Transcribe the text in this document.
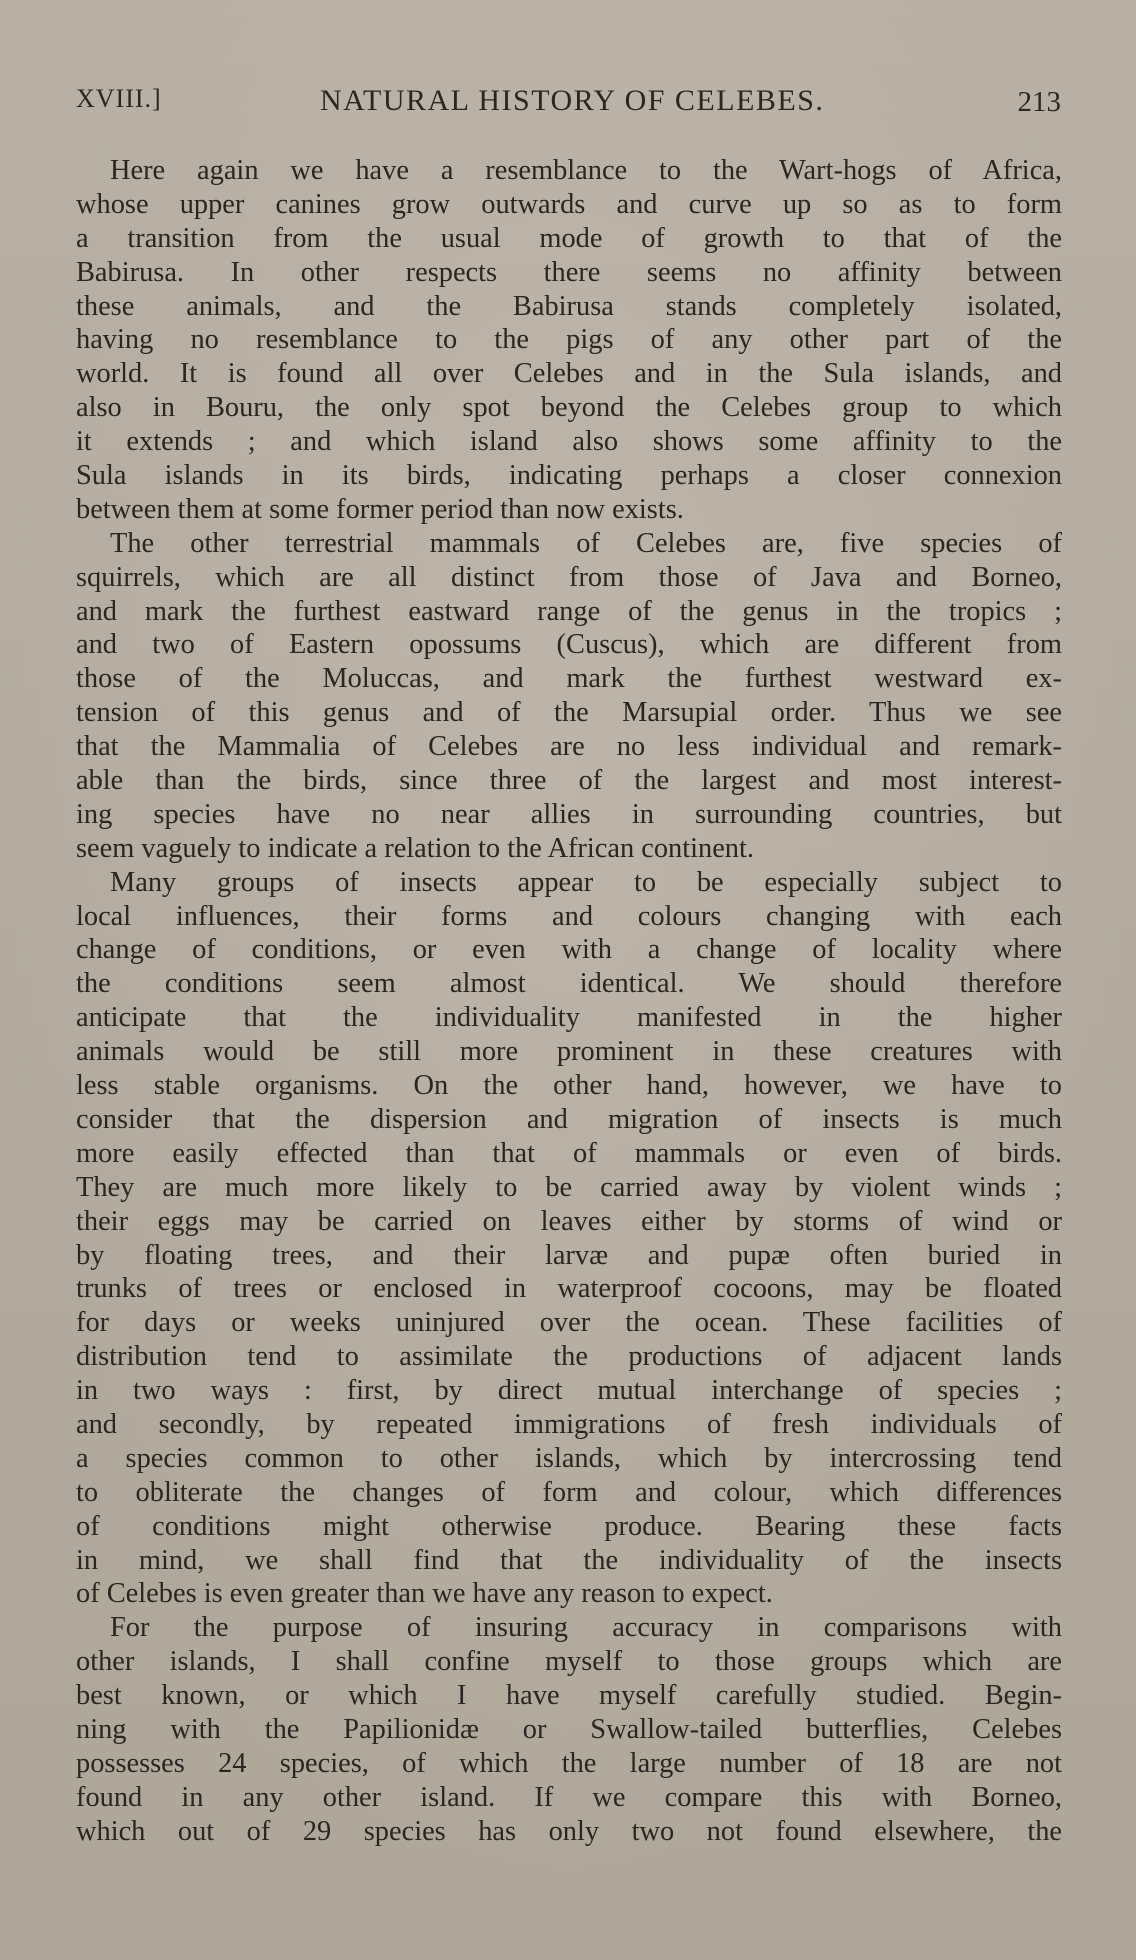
XVIII.]	NATURAL HISTORY OF CELEBES.	213
Here again we have a resemblance to the Wart-hogs of Africa,
whose upper canines grow outwards and curve up so as to form
a transition from the usual mode of growth to that of the
Babirusa. In other respects there seems no affinity between
these animals, and the Babirusa stands completely isolated,
having no resemblance to the pigs of any other part of the
world. It is found all over Celebes and in the Sula islands, and
also in Bouru, the only spot beyond the Celebes group to which
it extends ; and which island also shows some affinity to the
Sula islands in its birds, indicating perhaps a closer connexion
between them at some former period than now exists.
The other terrestrial mammals of Celebes are, five species of
squirrels, which are all distinct from those of Java and Borneo,
and mark the furthest eastward range of the genus in the tropics ;
and two of Eastern opossums (Cuscus), which are different from
those of the Moluccas, and mark the furthest westward ex-
tension of this genus and of the Marsupial order. Thus we see
that the Mammalia of Celebes are no less individual and remark-
able than the birds, since three of the largest and most interest-
ing species have no near allies in surrounding countries, but
seem vaguely to indicate a relation to the African continent.
Many groups of insects appear to be especially subject to
local influences, their forms and colours changing with each
change of conditions, or even with a change of locality where
the conditions seem almost identical. We should therefore
anticipate that the individuality manifested in the higher
animals would be still more prominent in these creatures with
less stable organisms. On the other hand, however, we have to
consider that the dispersion and migration of insects is much
more easily effected than that of mammals or even of birds.
They are much more likely to be carried away by violent winds ;
their eggs may be carried on leaves either by storms of wind or
by floating trees, and their larvæ and pupæ often buried in
trunks of trees or enclosed in waterproof cocoons, may be floated
for days or weeks uninjured over the ocean. These facilities of
distribution tend to assimilate the productions of adjacent lands
in two ways : first, by direct mutual interchange of species ;
and secondly, by repeated immigrations of fresh individuals of
a species common to other islands, which by intercrossing tend
to obliterate the changes of form and colour, which differences
of conditions might otherwise produce. Bearing these facts
in mind, we shall find that the individuality of the insects
of Celebes is even greater than we have any reason to expect.
For the purpose of insuring accuracy in comparisons with
other islands, I shall confine myself to those groups which are
best known, or which I have myself carefully studied. Begin-
ning with the Papilionidæ or Swallow-tailed butterflies, Celebes
possesses 24 species, of which the large number of 18 are not
found in any other island. If we compare this with Borneo,
which out of 29 species has only two not found elsewhere, the
